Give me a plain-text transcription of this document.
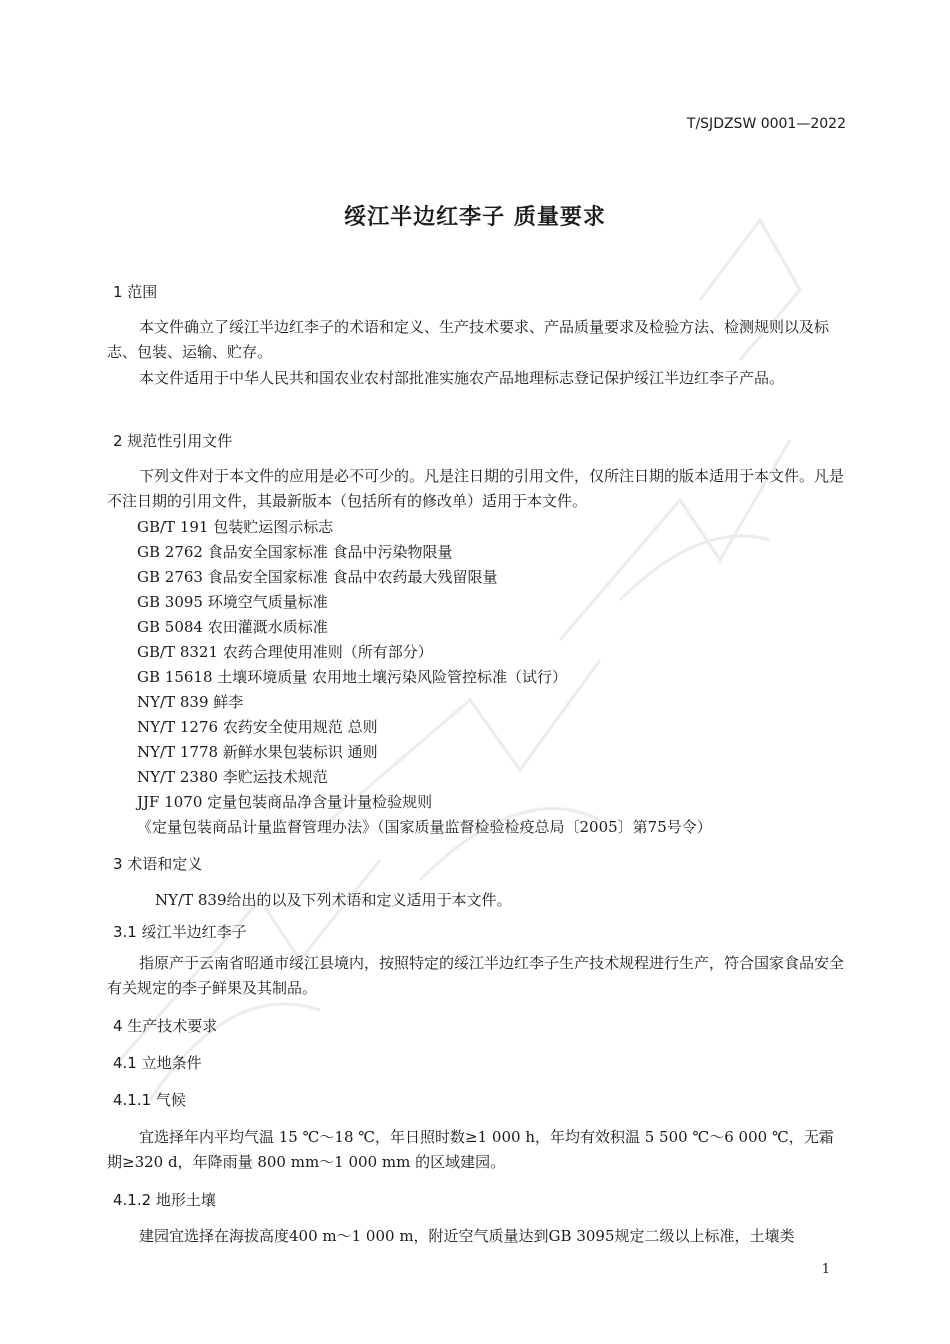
T/SJDZSW 0001—2022
绥江半边红李子 质量要求
1 范围
本文件确立了绥江半边红李子的术语和定义、生产技术要求、产品质量要求及检验方法、检测规则以及标志、包装、运输、贮存。
本文件适用于中华人民共和国农业农村部批准实施农产品地理标志登记保护绥江半边红李子产品。
2 规范性引用文件
下列文件对于本文件的应用是必不可少的。凡是注日期的引用文件，仅所注日期的版本适用于本文件。凡是不注日期的引用文件，其最新版本（包括所有的修改单）适用于本文件。
GB/T 191 包装贮运图示标志
GB 2762 食品安全国家标准 食品中污染物限量
GB 2763 食品安全国家标准 食品中农药最大残留限量
GB 3095 环境空气质量标准
GB 5084 农田灌溉水质标准
GB/T 8321 农药合理使用准则（所有部分）
GB 15618 土壤环境质量 农用地土壤污染风险管控标准（试行）
NY/T 839 鲜李
NY/T 1276 农药安全使用规范 总则
NY/T 1778 新鲜水果包装标识 通则
NY/T 2380 李贮运技术规范
JJF 1070 定量包装商品净含量计量检验规则
《定量包装商品计量监督管理办法》（国家质量监督检验检疫总局〔2005〕第75号令）
3 术语和定义
NY/T 839给出的以及下列术语和定义适用于本文件。
3.1 绥江半边红李子
指原产于云南省昭通市绥江县境内，按照特定的绥江半边红李子生产技术规程进行生产，符合国家食品安全有关规定的李子鲜果及其制品。
4 生产技术要求
4.1 立地条件
4.1.1 气候
宜选择年内平均气温 15 ℃～18 ℃，年日照时数≥1 000 h，年均有效积温 5 500 ℃～6 000 ℃，无霜期≥320 d，年降雨量 800 mm～1 000 mm 的区域建园。
4.1.2 地形土壤
建园宜选择在海拔高度400 m～1 000 m，附近空气质量达到GB 3095规定二级以上标准，土壤类
1
